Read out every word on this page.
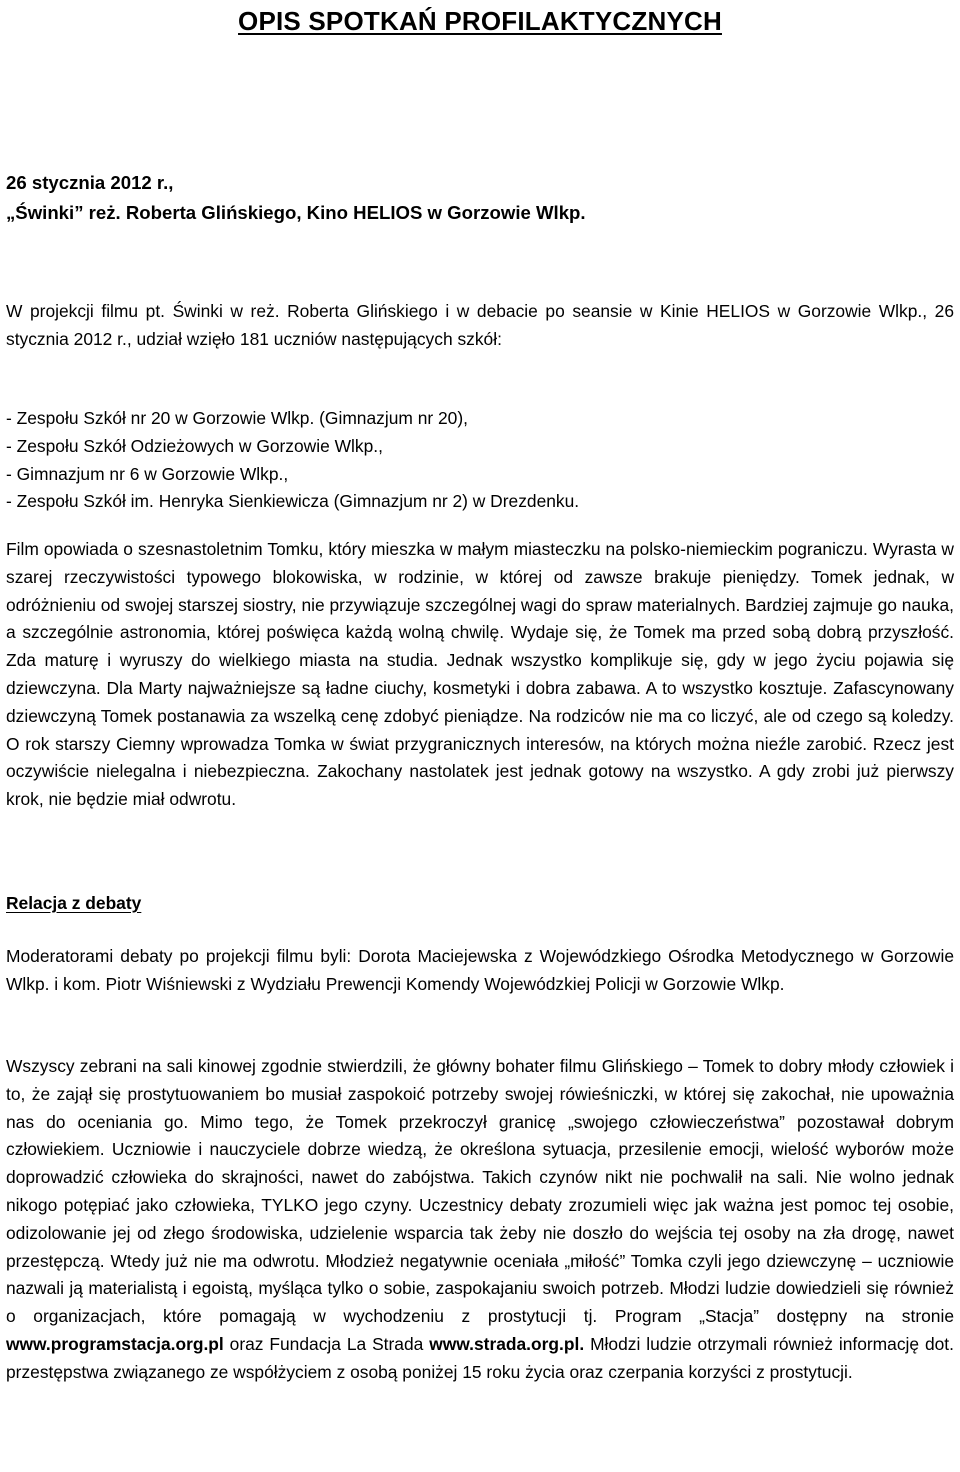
OPIS SPOTKAŃ PROFILAKTYCZNYCH
26 stycznia 2012 r.,
„Świnki” reż. Roberta Glińskiego, Kino HELIOS w Gorzowie Wlkp.

W projekcji filmu pt. Świnki w reż. Roberta Glińskiego i w debacie po seansie w Kinie HELIOS w Gorzowie Wlkp., 26 stycznia 2012 r., udział wzięło 181 uczniów następujących szkół:

- Zespołu Szkół nr 20 w Gorzowie Wlkp. (Gimnazjum nr 20),
- Zespołu Szkół Odzieżowych w Gorzowie Wlkp.,
- Gimnazjum nr 6 w Gorzowie Wlkp.,
- Zespołu Szkół im. Henryka Sienkiewicza (Gimnazjum nr 2) w Drezdenku.

Film opowiada o szesnastoletnim Tomku, który mieszka w małym miasteczku na polsko-niemieckim pograniczu. Wyrasta w szarej rzeczywistości typowego blokowiska, w rodzinie, w której od zawsze brakuje pieniędzy. Tomek jednak, w odróżnieniu od swojej starszej siostry, nie przywiązuje szczególnej wagi do spraw materialnych. Bardziej zajmuje go nauka, a szczególnie astronomia, której poświęca każdą wolną chwilę. Wydaje się, że Tomek ma przed sobą dobrą przyszłość. Zda maturę i wyruszy do wielkiego miasta na studia. Jednak wszystko komplikuje się, gdy w jego życiu pojawia się dziewczyna. Dla Marty najważniejsze są ładne ciuchy, kosmetyki i dobra zabawa. A to wszystko kosztuje. Zafascynowany dziewczyną Tomek postanawia za wszelką cenę zdobyć pieniądze. Na rodziców nie ma co liczyć, ale od czego są koledzy. O rok starszy Ciemny wprowadza Tomka w świat przygranicznych interesów, na których można nieźle zarobić. Rzecz jest oczywiście nielegalna i niebezpieczna. Zakochany nastolatek jest jednak gotowy na wszystko. A gdy zrobi już pierwszy krok, nie będzie miał odwrotu.

Relacja z debaty

Moderatorami debaty po projekcji filmu byli: Dorota Maciejewska z Wojewódzkiego Ośrodka Metodycznego w Gorzowie Wlkp. i kom. Piotr Wiśniewski z Wydziału Prewencji Komendy Wojewódzkiej Policji w Gorzowie Wlkp.

Wszyscy zebrani na sali kinowej zgodnie stwierdzili, że główny bohater filmu Glińskiego – Tomek to dobry młody człowiek i to, że zajął się prostytuowaniem bo musiał zaspokoić potrzeby swojej rówieśniczki, w której się zakochał, nie upoważnia nas do oceniania go. Mimo tego, że Tomek przekroczył granicę „swojego człowieczeństwa” pozostawał dobrym człowiekiem. Uczniowie i nauczyciele dobrze wiedzą, że określona sytuacja, przesilenie emocji, wielość wyborów może doprowadzić człowieka do skrajności, nawet do zabójstwa. Takich czynów nikt nie pochwalił na sali. Nie wolno jednak nikogo potępiać jako człowieka, TYLKO jego czyny. Uczestnicy debaty zrozumieli więc jak ważna jest pomoc tej osobie, odizolowanie jej od złego środowiska, udzielenie wsparcia tak żeby nie doszło do wejścia tej osoby na zła drogę, nawet przestępczą. Wtedy już nie ma odwrotu. Młodzież negatywnie oceniała „miłość” Tomka czyli jego dziewczynę – uczniowie nazwali ją materialistą i egoistą, myśląca tylko o sobie, zaspokajaniu swoich potrzeb. Młodzi ludzie dowiedzieli się również o organizacjach, które pomagają w wychodzeniu z prostytucji tj. Program „Stacja” dostępny na stronie www.programstacja.org.pl oraz Fundacja La Strada www.strada.org.pl. Młodzi ludzie otrzymali również informację dot. przestępstwa związanego ze współżyciem z osobą poniżej 15 roku życia oraz czerpania korzyści z prostytucji.
